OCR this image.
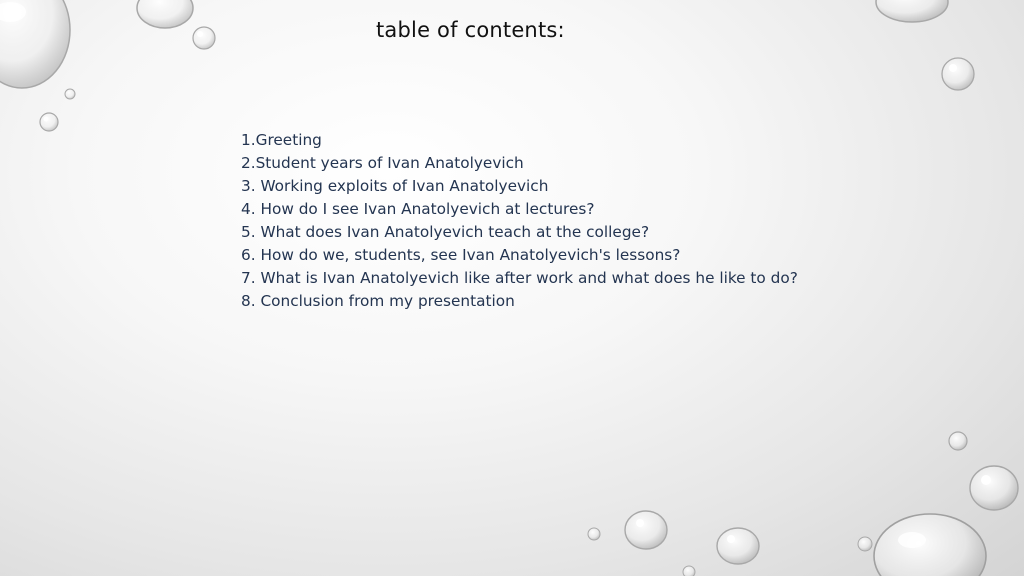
table of contents:
1.Greeting
2.Student years of Ivan Anatolyevich
3. Working exploits of Ivan Anatolyevich
4. How do I see Ivan Anatolyevich at lectures?
5. What does Ivan Anatolyevich teach at the college?
6. How do we, students, see Ivan Anatolyevich's lessons?
7. What is Ivan Anatolyevich like after work and what does he like to do?
8. Conclusion from my presentation
